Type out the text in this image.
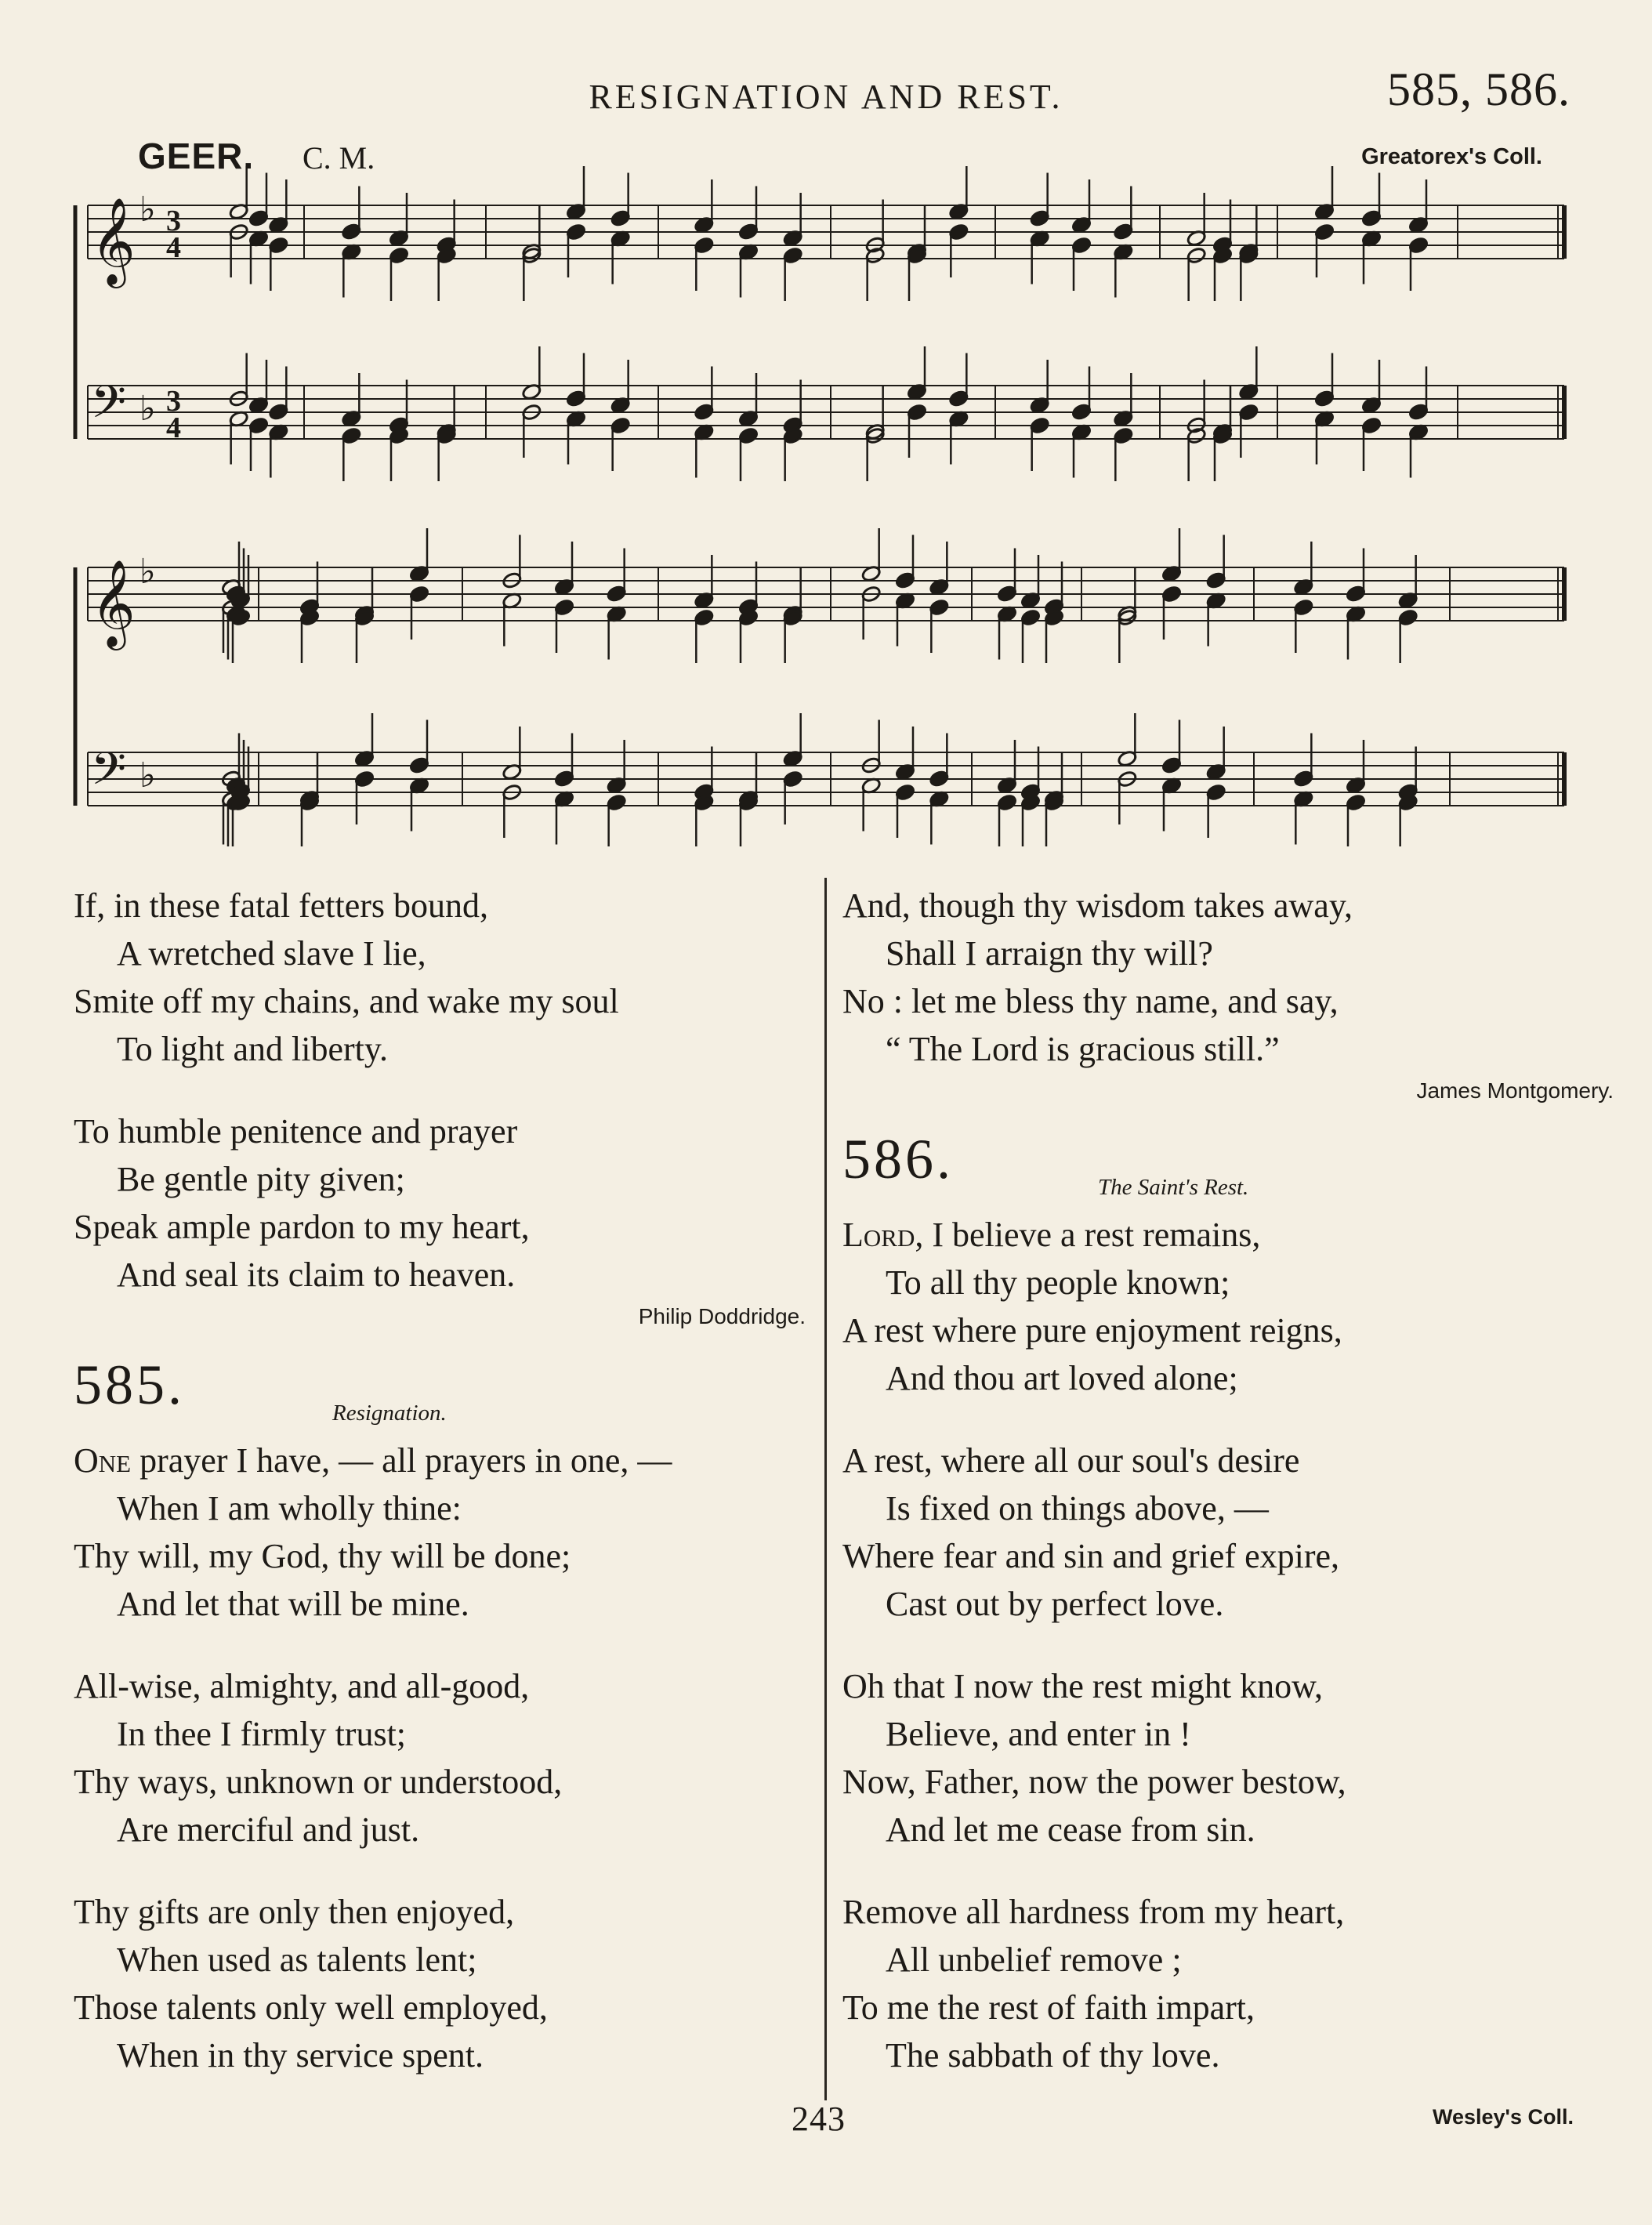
RESIGNATION AND REST.	585, 586.
GEER. C. M.	Greatorex's Coll.
𝄞 ♭ 3
4
𝄢 ♭ 3
4
𝄞 ♭
𝄢 ♭
If, in these fatal fetters bound,
A wretched slave I lie,
Smite off my chains, and wake my soul
To light and liberty.
To humble penitence and prayer
Be gentle pity given;
Speak ample pardon to my heart,
And seal its claim to heaven.
Philip Doddridge.
585.	Resignation.
One prayer I have, — all prayers in one, —
When I am wholly thine:
Thy will, my God, thy will be done;
And let that will be mine.
All-wise, almighty, and all-good,
In thee I firmly trust;
Thy ways, unknown or understood,
Are merciful and just.
Thy gifts are only then enjoyed,
When used as talents lent;
Those talents only well employed,
When in thy service spent.
And, though thy wisdom takes away,
Shall I arraign thy will?
No : let me bless thy name, and say,
“ The Lord is gracious still.”
James Montgomery.
586.	The Saint's Rest.
Lord, I believe a rest remains,
To all thy people known;
A rest where pure enjoyment reigns,
And thou art loved alone;
A rest, where all our soul's desire
Is fixed on things above, —
Where fear and sin and grief expire,
Cast out by perfect love.
Oh that I now the rest might know,
Believe, and enter in !
Now, Father, now the power bestow,
And let me cease from sin.
Remove all hardness from my heart,
All unbelief remove ;
To me the rest of faith impart,
The sabbath of thy love.
243	Wesley's Coll.
